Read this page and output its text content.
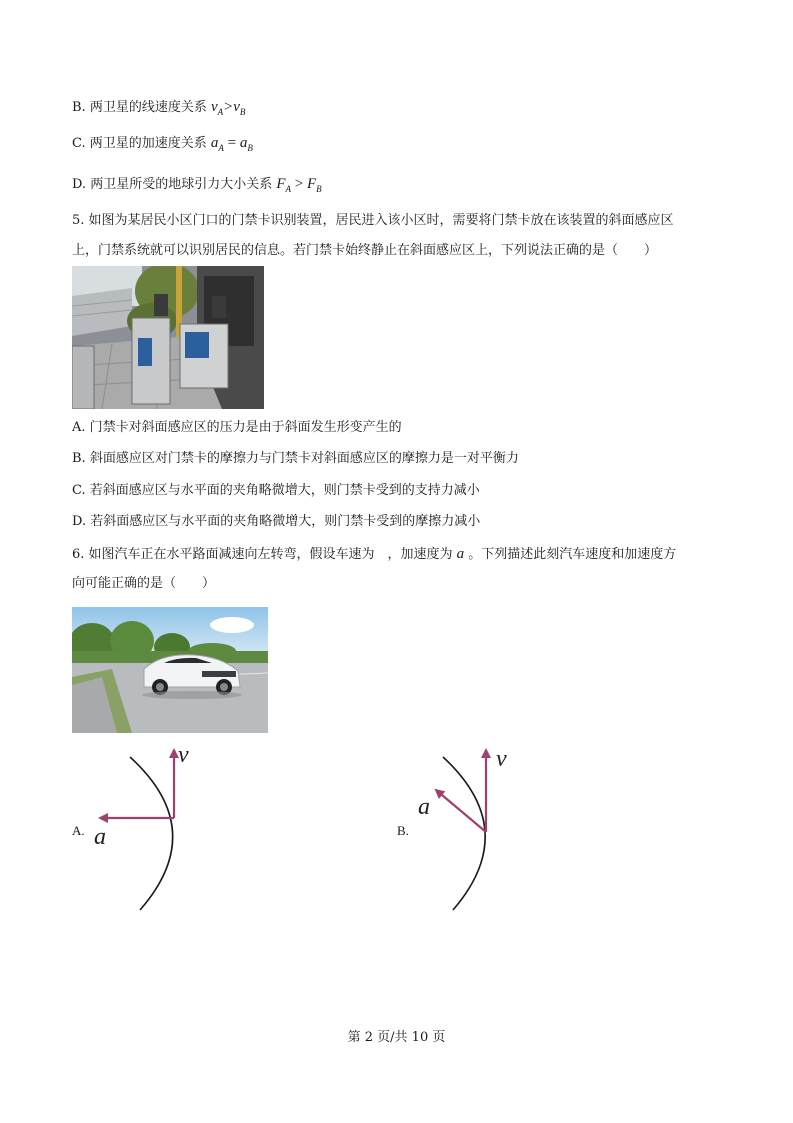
B. 两卫星的线速度关系 $v_A>v_B$
C. 两卫星的加速度关系 $a_A = a_B$
D. 两卫星所受的地球引力大小关系 $F_A > F_B$
5. 如图为某居民小区门口的门禁卡识别装置，居民进入该小区时，需要将门禁卡放在该装置的斜面感应区
上，门禁系统就可以识别居民的信息。若门禁卡始终静止在斜面感应区上，下列说法正确的是（　　）
A. 门禁卡对斜面感应区的压力是由于斜面发生形变产生的
B. 斜面感应区对门禁卡的摩擦力与门禁卡对斜面感应区的摩擦力是一对平衡力
C. 若斜面感应区与水平面的夹角略微增大，则门禁卡受到的支持力减小
D. 若斜面感应区与水平面的夹角略微增大，则门禁卡受到的摩擦力减小
6. 如图汽车正在水平路面减速向左转弯，假设车速为　，加速度为 a 。下列描述此刻汽车速度和加速度方
向可能正确的是（　　）
v
a
A.
v
a
B.
第 2 页/共 10 页
